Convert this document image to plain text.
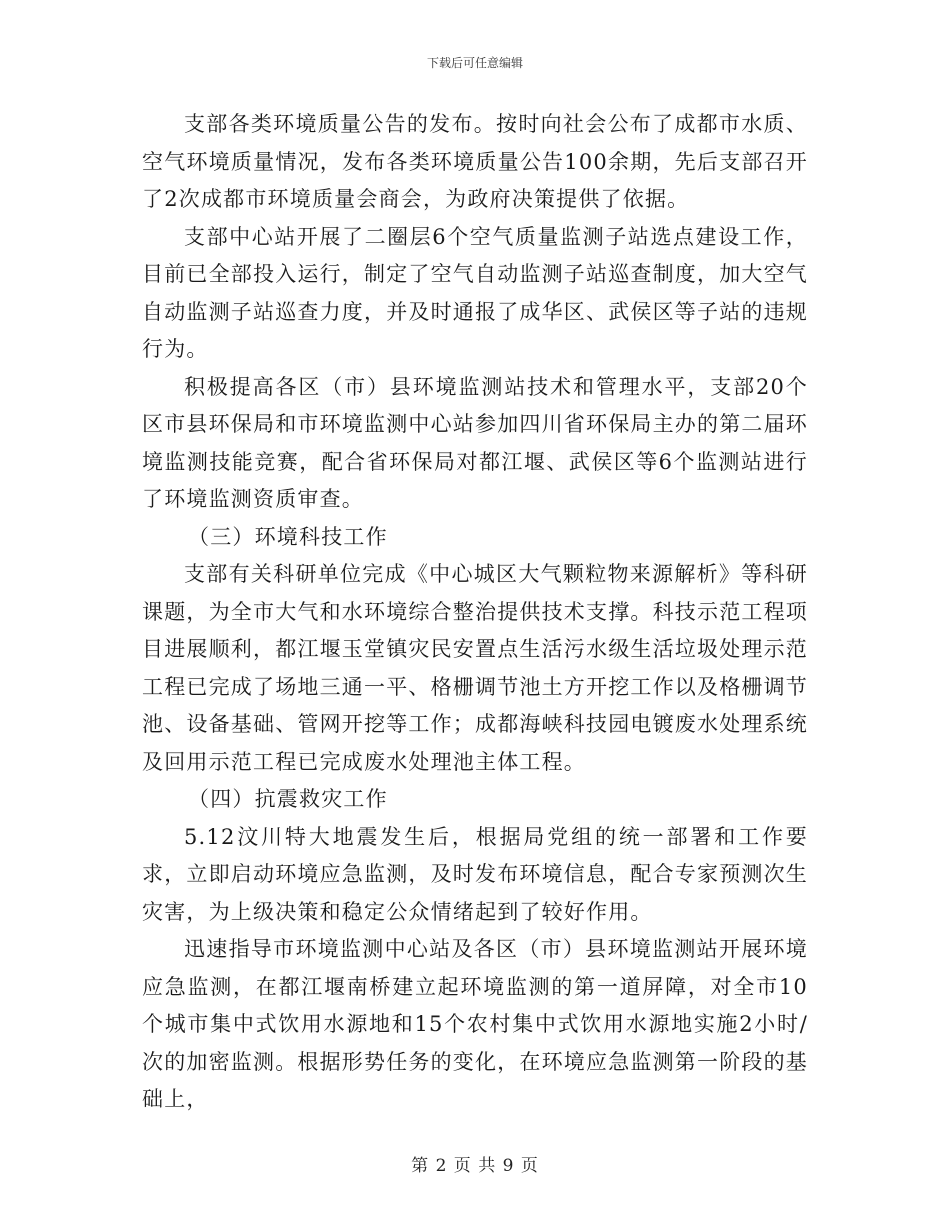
下载后可任意编辑

支部各类环境质量公告的发布。按时向社会公布了成都市水质、空气环境质量情况，发布各类环境质量公告100余期，先后支部召开了2次成都市环境质量会商会，为政府决策提供了依据。

支部中心站开展了二圈层6个空气质量监测子站选点建设工作，目前已全部投入运行，制定了空气自动监测子站巡查制度，加大空气自动监测子站巡查力度，并及时通报了成华区、武侯区等子站的违规行为。

积极提高各区（市）县环境监测站技术和管理水平，支部20个区市县环保局和市环境监测中心站参加四川省环保局主办的第二届环境监测技能竞赛，配合省环保局对都江堰、武侯区等6个监测站进行了环境监测资质审查。

（三）环境科技工作

支部有关科研单位完成《中心城区大气颗粒物来源解析》等科研课题，为全市大气和水环境综合整治提供技术支撑。科技示范工程项目进展顺利，都江堰玉堂镇灾民安置点生活污水级生活垃圾处理示范工程已完成了场地三通一平、格栅调节池土方开挖工作以及格栅调节池、设备基础、管网开挖等工作；成都海峡科技园电镀废水处理系统及回用示范工程已完成废水处理池主体工程。

（四）抗震救灾工作

5.12汶川特大地震发生后，根据局党组的统一部署和工作要求，立即启动环境应急监测，及时发布环境信息，配合专家预测次生灾害，为上级决策和稳定公众情绪起到了较好作用。

迅速指导市环境监测中心站及各区（市）县环境监测站开展环境应急监测，在都江堰南桥建立起环境监测的第一道屏障，对全市10个城市集中式饮用水源地和15个农村集中式饮用水源地实施2小时/次的加密监测。根据形势任务的变化，在环境应急监测第一阶段的基础上，

第 2 页 共 9 页
